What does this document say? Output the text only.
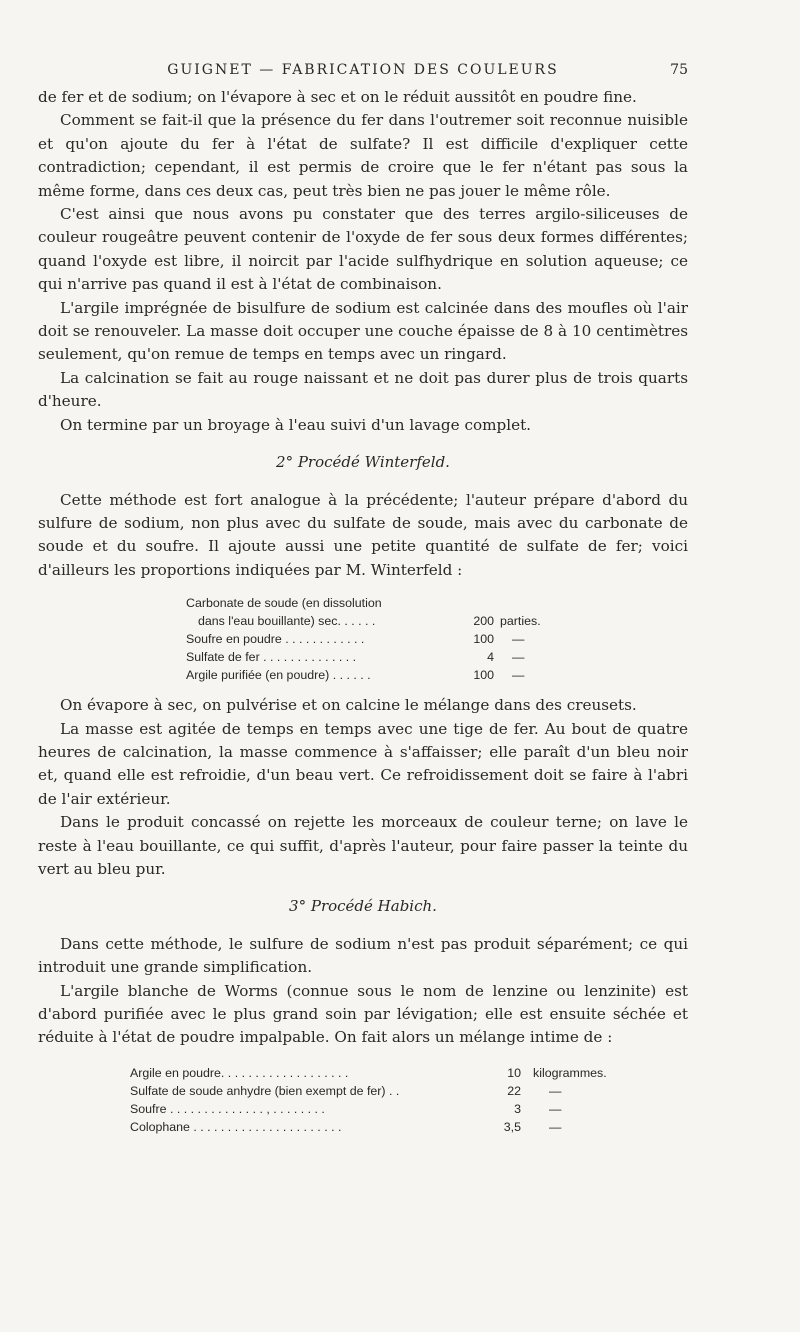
GUIGNET — FABRICATION DES COULEURS	75

de fer et de sodium; on l'évapore à sec et on le réduit aussitôt en poudre fine.

Comment se fait-il que la présence du fer dans l'outremer soit reconnue nuisible et qu'on ajoute du fer à l'état de sulfate? Il est difficile d'expliquer cette contradiction; cependant, il est permis de croire que le fer n'étant pas sous la même forme, dans ces deux cas, peut très bien ne pas jouer le même rôle.

C'est ainsi que nous avons pu constater que des terres argilo-siliceuses de couleur rougeâtre peuvent contenir de l'oxyde de fer sous deux formes différentes; quand l'oxyde est libre, il noircit par l'acide sulfhydrique en solution aqueuse; ce qui n'arrive pas quand il est à l'état de combinaison.

L'argile imprégnée de bisulfure de sodium est calcinée dans des moufles où l'air doit se renouveler. La masse doit occuper une couche épaisse de 8 à 10 centimètres seulement, qu'on remue de temps en temps avec un ringard.

La calcination se fait au rouge naissant et ne doit pas durer plus de trois quarts d'heure.

On termine par un broyage à l'eau suivi d'un lavage complet.

2° Procédé Winterfeld.

Cette méthode est fort analogue à la précédente; l'auteur prépare d'abord du sulfure de sodium, non plus avec du sulfate de soude, mais avec du carbonate de soude et du soufre. Il ajoute aussi une petite quantité de sulfate de fer; voici d'ailleurs les proportions indiquées par M. Winterfeld :

Carbonate de soude (en dissolution
dans l'eau bouillante) sec. . . . . .	200 parties.
Soufre en poudre . . . . . . . . . . . .	100 —
Sulfate de fer . . . . . . . . . . . . . .	4 —
Argile purifiée (en poudre) . . . . . .	100 —

On évapore à sec, on pulvérise et on calcine le mélange dans des creusets.

La masse est agitée de temps en temps avec une tige de fer. Au bout de quatre heures de calcination, la masse commence à s'affaisser; elle paraît d'un bleu noir et, quand elle est refroidie, d'un beau vert. Ce refroidissement doit se faire à l'abri de l'air extérieur.

Dans le produit concassé on rejette les morceaux de couleur terne; on lave le reste à l'eau bouillante, ce qui suffit, d'après l'auteur, pour faire passer la teinte du vert au bleu pur.

3° Procédé Habich.

Dans cette méthode, le sulfure de sodium n'est pas produit séparément; ce qui introduit une grande simplification.

L'argile blanche de Worms (connue sous le nom de lenzine ou lenzinite) est d'abord purifiée avec le plus grand soin par lévigation; elle est ensuite séchée et réduite à l'état de poudre impalpable. On fait alors un mélange intime de :

Argile en poudre. . . . . . . . . . . . . . . . . . .	10 kilogrammes.
Sulfate de soude anhydre (bien exempt de fer) . .	22 —
Soufre . . . . . . . . . . . . . . , . . . . . . . .	3 —
Colophane . . . . . . . . . . . . . . . . . . . . . .	3,5 —
